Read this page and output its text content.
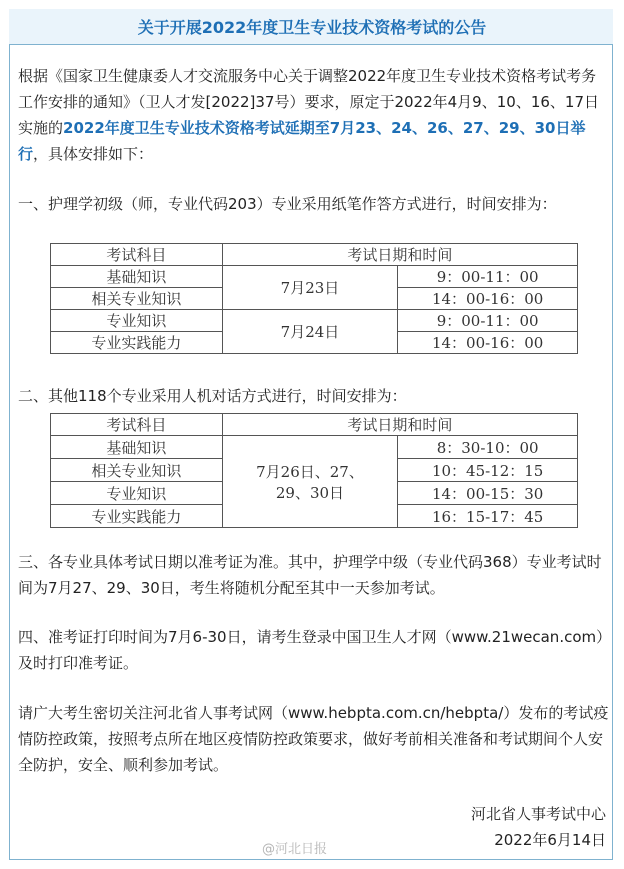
关于开展2022年度卫生专业技术资格考试的公告
根据《国家卫生健康委人才交流服务中心关于调整2022年度卫生专业技术资格考试考务工作安排的通知》（卫人才发[2022]37号）要求，原定于2022年4月9、10、16、17日实施的2022年度卫生专业技术资格考试延期至7月23、24、26、27、29、30日举行，具体安排如下：
一、护理学初级（师，专业代码203）专业采用纸笔作答方式进行，时间安排为：
考试科目	考试日期和时间	
基础知识	7月23日	9：00-11：00
相关专业知识		14：00-16：00
专业知识	7月24日	9：00-11：00
专业实践能力		14：00-16：00
二、其他118个专业采用人机对话方式进行，时间安排为：
考试科目	考试日期和时间	
基础知识	7月26日、27、
29、30日	8：30-10：00
相关专业知识		10：45-12：15
专业知识		14：00-15：30
专业实践能力		16：15-17：45
三、各专业具体考试日期以准考证为准。其中，护理学中级（专业代码368）专业考试时间为7月27、29、30日，考生将随机分配至其中一天参加考试。
四、准考证打印时间为7月6-30日，请考生登录中国卫生人才网（www.21wecan.com）及时打印准考证。
请广大考生密切关注河北省人事考试网（www.hebpta.com.cn/hebpta/）发布的考试疫情防控政策，按照考点所在地区疫情防控政策要求，做好考前相关准备和考试期间个人安全防护，安全、顺利参加考试。
河北省人事考试中心
2022年6月14日
@河北日报
